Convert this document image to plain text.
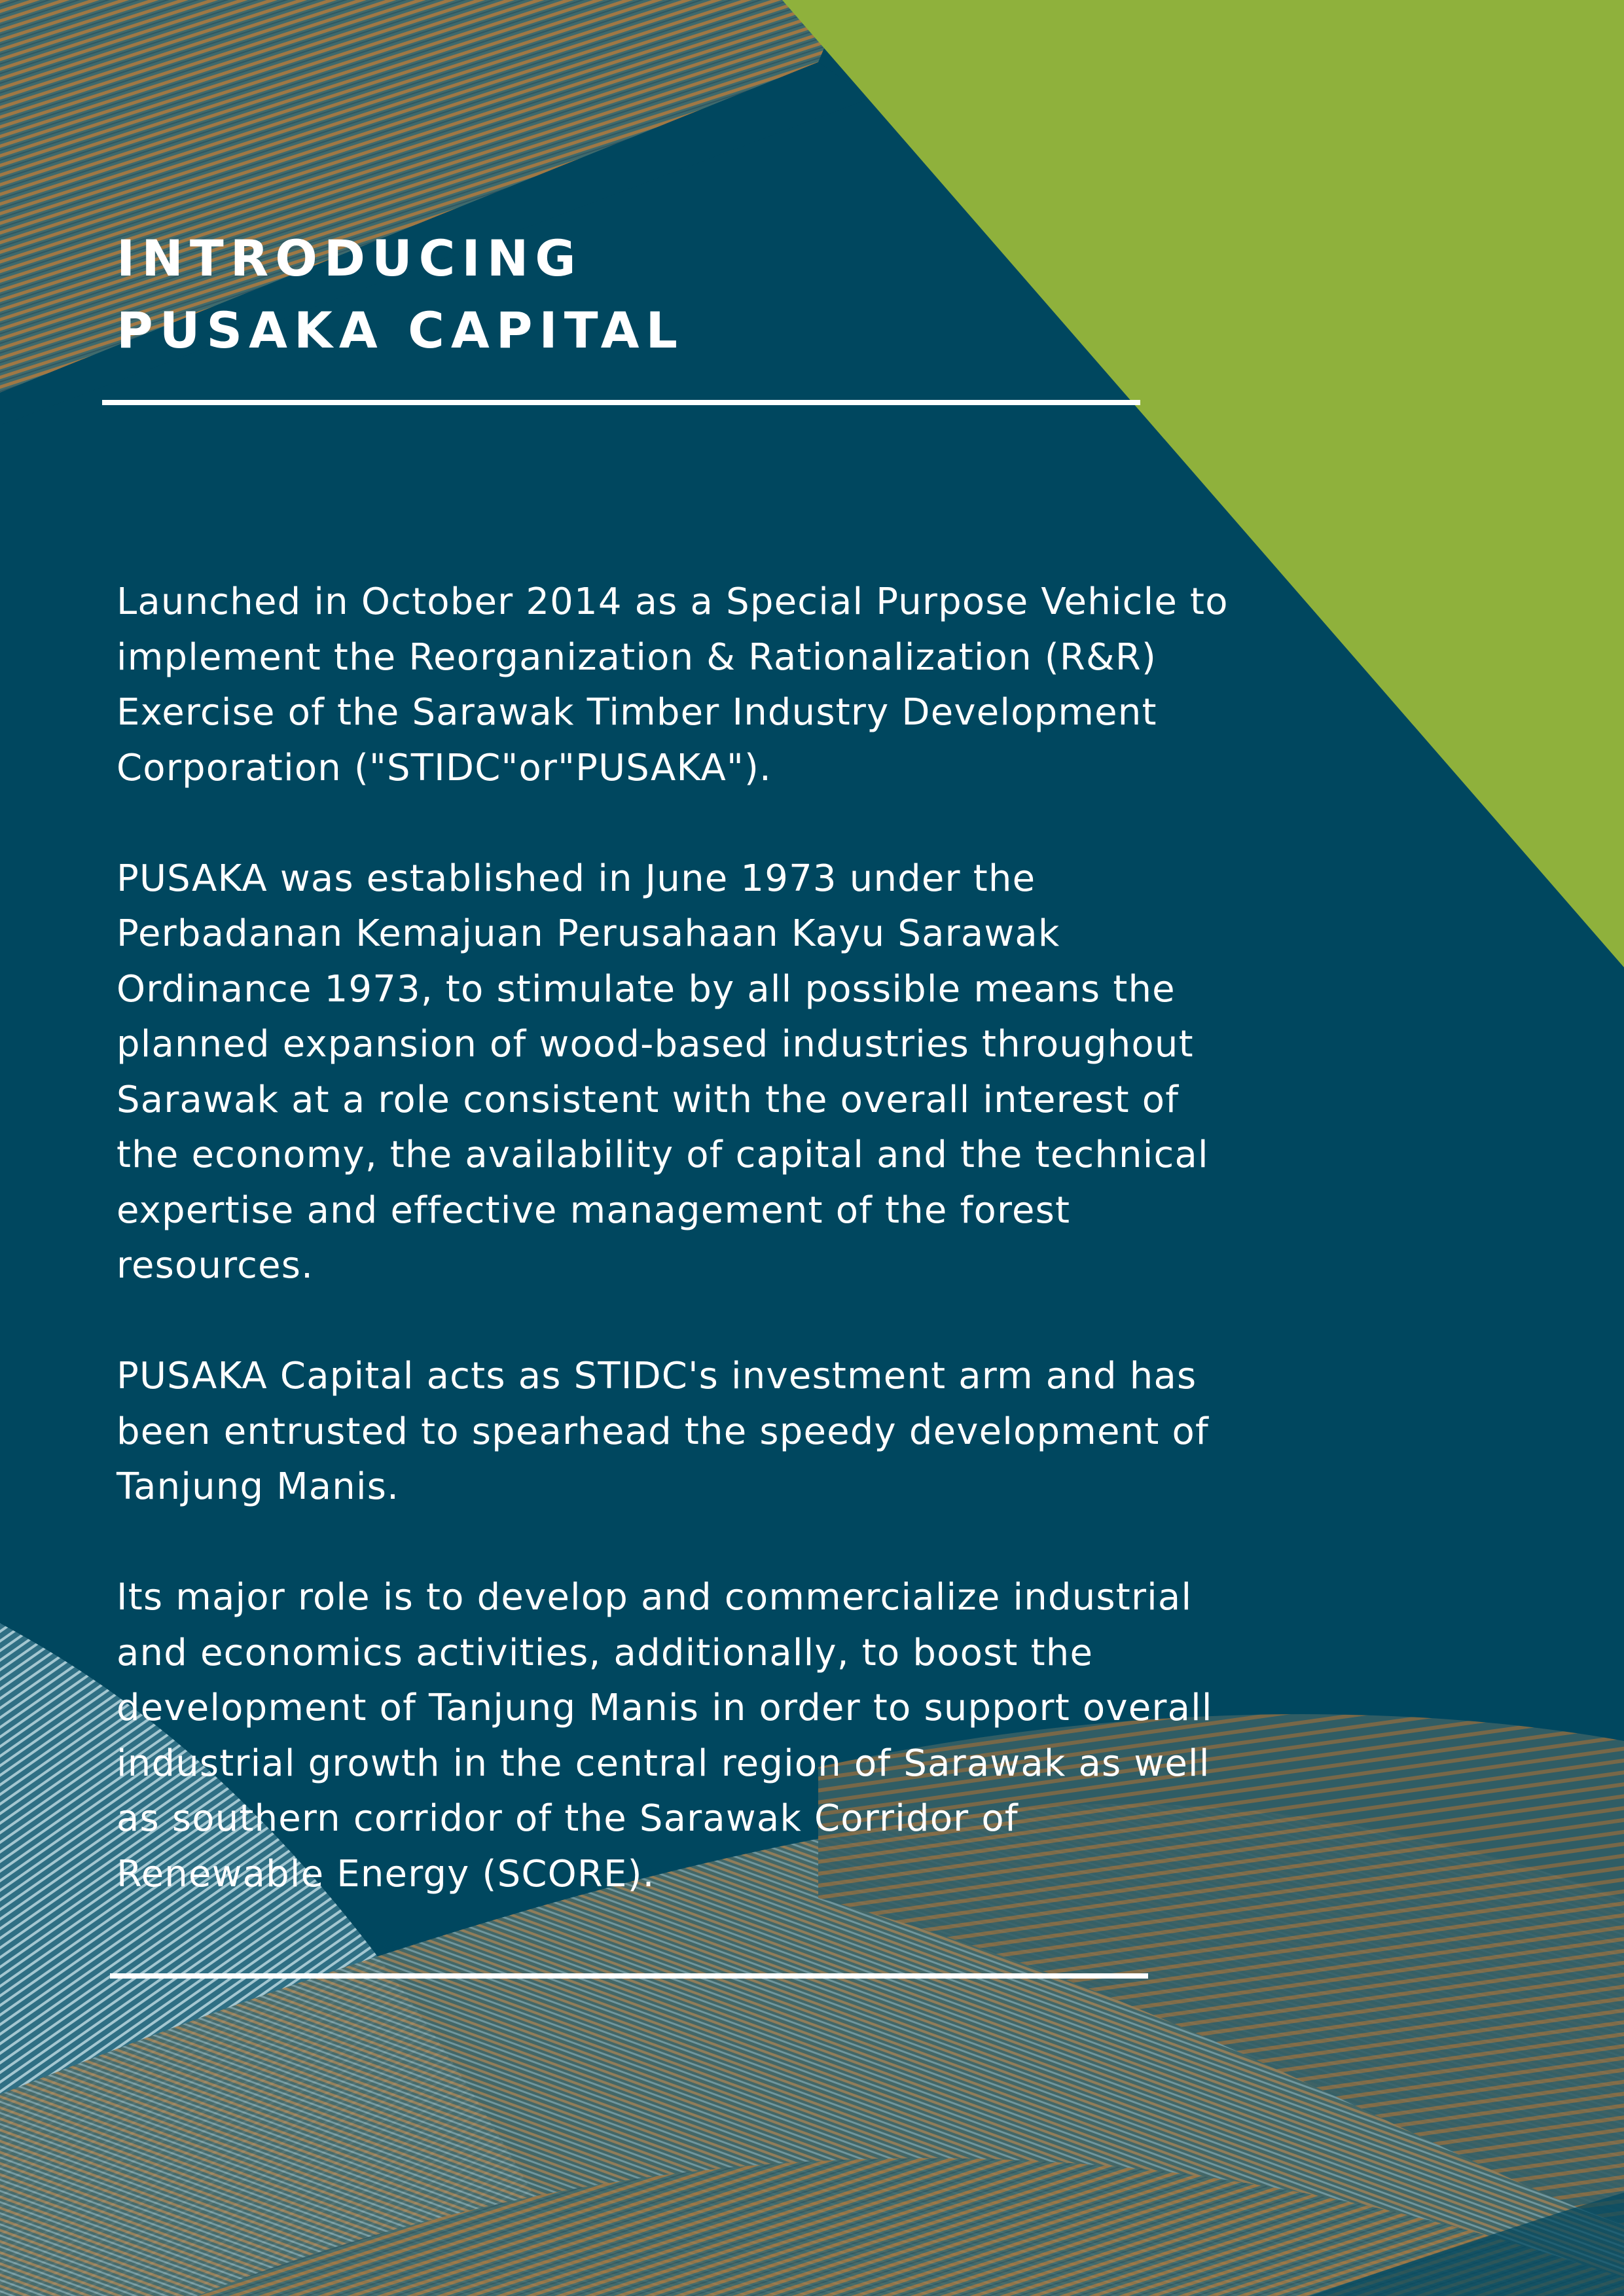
INTRODUCING
PUSAKA CAPITAL

Launched in October 2014 as a Special Purpose Vehicle to
implement the Reorganization & Rationalization (R&R)
Exercise of the Sarawak Timber Industry Development
Corporation ("STIDC"or"PUSAKA").

PUSAKA was established in June 1973 under the
Perbadanan Kemajuan Perusahaan Kayu Sarawak
Ordinance 1973, to stimulate by all possible means the
planned expansion of wood-based industries throughout
Sarawak at a role consistent with the overall interest of
the economy, the availability of capital and the technical
expertise and effective management of the forest
resources.

PUSAKA Capital acts as STIDC's investment arm and has
been entrusted to spearhead the speedy development of
Tanjung Manis.

Its major role is to develop and commercialize industrial
and economics activities, additionally, to boost the
development of Tanjung Manis in order to support overall
industrial growth in the central region of Sarawak as well
as southern corridor of the Sarawak Corridor of
Renewable Energy (SCORE).
